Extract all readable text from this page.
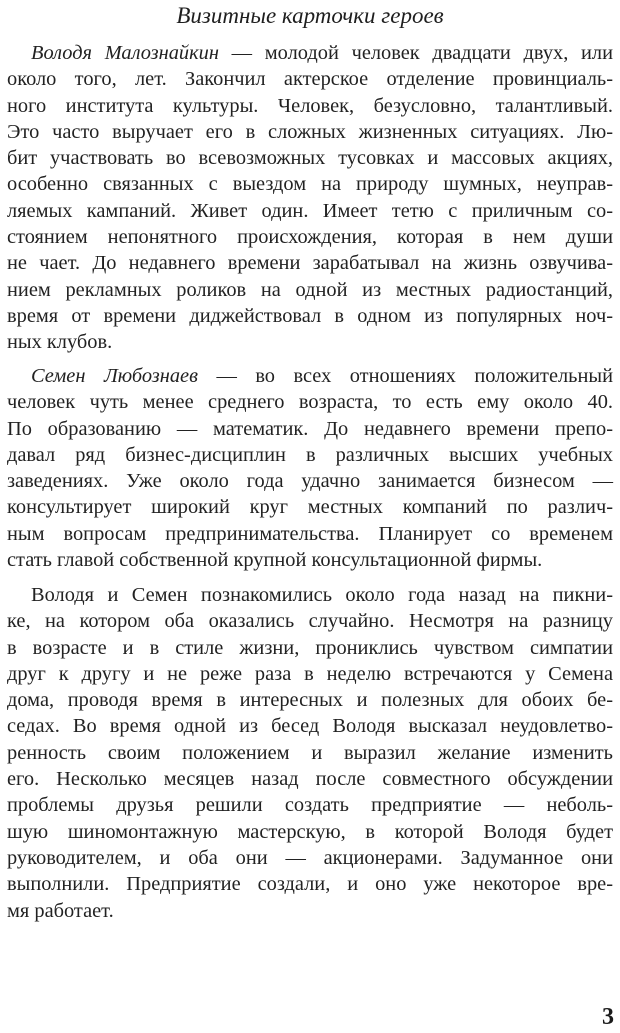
Визитные карточки героев
Володя Малознайкин — молодой человек двадцати двух, или
около того, лет. Закончил актерское отделение провинциаль-
ного института культуры. Человек, безусловно, талантливый.
Это часто выручает его в сложных жизненных ситуациях. Лю-
бит участвовать во всевозможных тусовках и массовых акциях,
особенно связанных с выездом на природу шумных, неуправ-
ляемых кампаний. Живет один. Имеет тетю с приличным со-
стоянием непонятного происхождения, которая в нем души
не чает. До недавнего времени зарабатывал на жизнь озвучива-
нием рекламных роликов на одной из местных радиостанций,
время от времени диджействовал в одном из популярных ноч-
ных клубов.
Семен Любознаев — во всех отношениях положительный
человек чуть менее среднего возраста, то есть ему около 40.
По образованию — математик. До недавнего времени препо-
давал ряд бизнес-дисциплин в различных высших учебных
заведениях. Уже около года удачно занимается бизнесом —
консультирует широкий круг местных компаний по различ-
ным вопросам предпринимательства. Планирует со временем
стать главой собственной крупной консультационной фирмы.
Володя и Семен познакомились около года назад на пикни-
ке, на котором оба оказались случайно. Несмотря на разницу
в возрасте и в стиле жизни, прониклись чувством симпатии
друг к другу и не реже раза в неделю встречаются у Семена
дома, проводя время в интересных и полезных для обоих бе-
седах. Во время одной из бесед Володя высказал неудовлетво-
ренность своим положением и выразил желание изменить
его. Несколько месяцев назад после совместного обсуждении
проблемы друзья решили создать предприятие — неболь-
шую шиномонтажную мастерскую, в которой Володя будет
руководителем, и оба они — акционерами. Задуманное они
выполнили. Предприятие создали, и оно уже некоторое вре-
мя работает.
3
